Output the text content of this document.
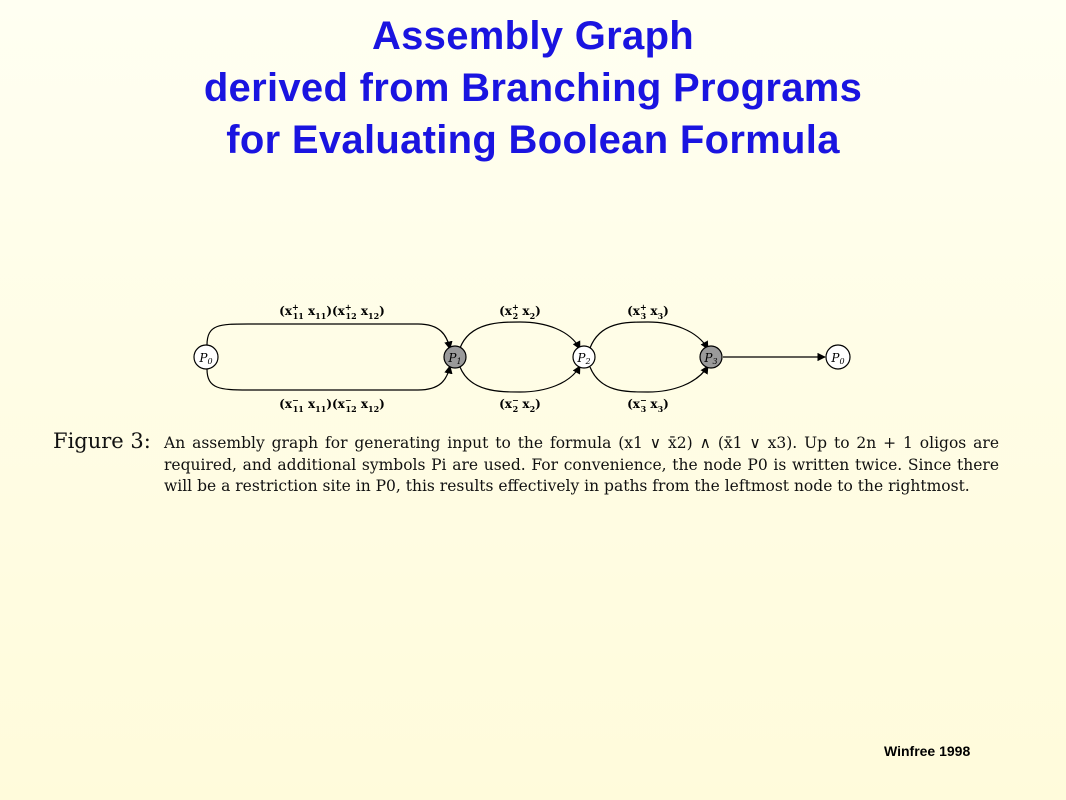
Assembly Graph
derived from Branching Programs
for Evaluating Boolean Formula
P0	P1	P2	P3	P0
(x+ 11 $x_{11})(x^+$ 12 $x_{12}$)
(x− 11 $x_{11})(x^-$ 12 $x_{12}$)
(x+ 2 $x_2$)
(x− 2 $x_2$)
(x+ 3 $x_3$)
(x− 3 $x_3$)
Figure 3: An assembly graph for generating input to the formula (x1 ∨ x̄2) ∧ (x̄1 ∨ x3). Up to 2n + 1 oligos are required, and additional symbols Pi are used. For convenience, the node P0 is written twice. Since there will be a restriction site in P0, this results effectively in paths from the leftmost node to the rightmost.
Winfree 1998
